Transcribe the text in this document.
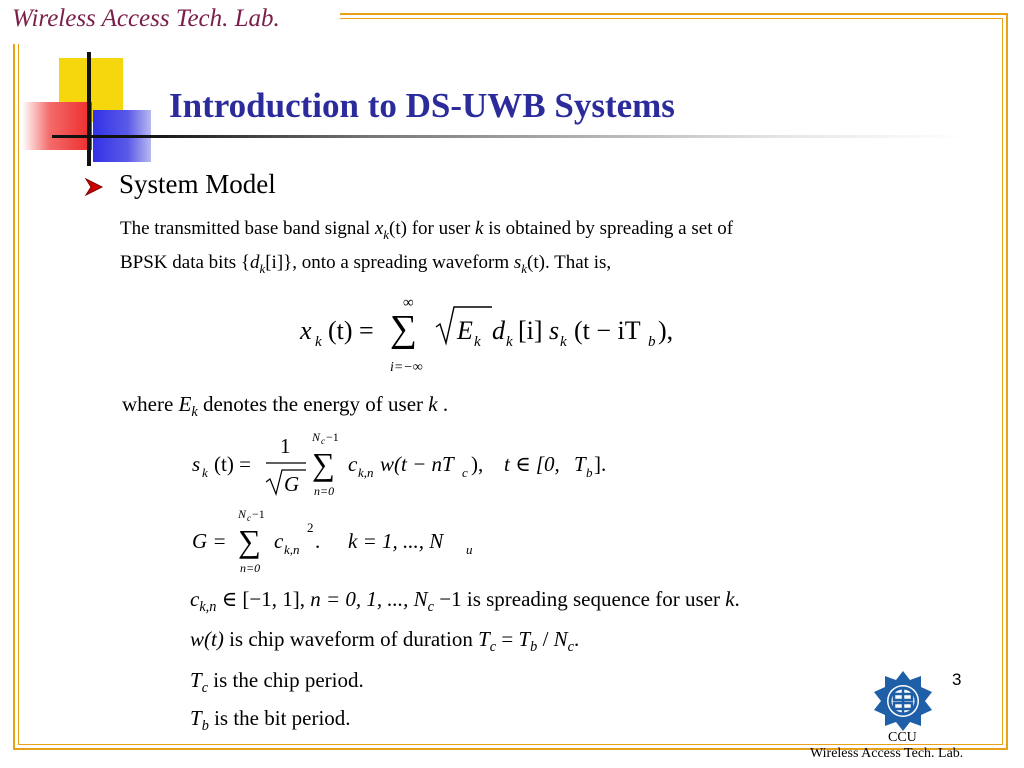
Wireless Access Tech. Lab.
Introduction to DS-UWB Systems
System Model
The transmitted base band signal $x_k(t)$ for user k is obtained by spreading a set of
BPSK data bits $\{d_k[i]\}$, onto a spreading waveform $s_k(t)$. That is,
x k (t) =
∞
∑
i=−∞
E k d k [i] s k (t − iT b ),
where $E_k$ denotes the energy of user k .
s k (t) =
1
G
N c −1
∑
n=0
c k,n w(t − nT c ), t ∈ [0, T b ].
G =
N c −1
∑
n=0
c k,n
2
. k = 1, ..., N u
$c_{k,n}$ ∈ [−1, 1], n = 0, 1, ..., $N_c -1$ is spreading sequence for user k.
w(t) is chip waveform of duration $T_c = T_b / N_c$.
$T_c$ is the chip period.
$T_b$ is the bit period.
3
CCU
Wireless Access Tech. Lab.
